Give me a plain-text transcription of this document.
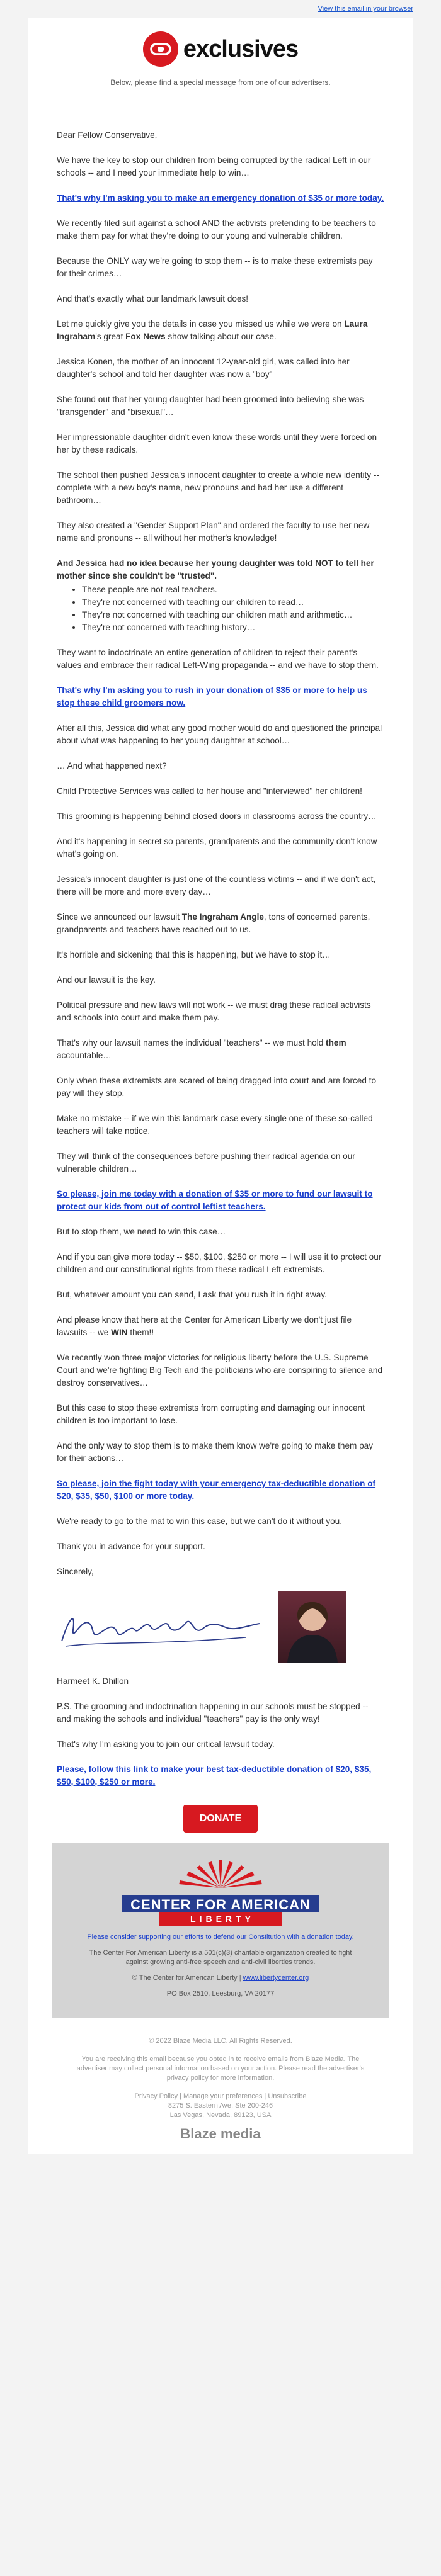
View this email in your browser
exclusives
Below, please find a special message from one of our advertisers.

Dear Fellow Conservative,

We have the key to stop our children from being corrupted by the radical Left in our schools -- and I need your immediate help to win…

That's why I'm asking you to make an emergency donation of $35 or more today.

We recently filed suit against a school AND the activists pretending to be teachers to make them pay for what they're doing to our young and vulnerable children.

Because the ONLY way we're going to stop them -- is to make these extremists pay for their crimes…

And that's exactly what our landmark lawsuit does!

Let me quickly give you the details in case you missed us while we were on Laura Ingraham's great Fox News show talking about our case.

Jessica Konen, the mother of an innocent 12-year-old girl, was called into her daughter's school and told her daughter was now a "boy"

She found out that her young daughter had been groomed into believing she was "transgender" and "bisexual"…

Her impressionable daughter didn't even know these words until they were forced on her by these radicals.

The school then pushed Jessica's innocent daughter to create a whole new identity -- complete with a new boy's name, new pronouns and had her use a different bathroom…

They also created a "Gender Support Plan" and ordered the faculty to use her new name and pronouns -- all without her mother's knowledge!

And Jessica had no idea because her young daughter was told NOT to tell her mother since she couldn't be "trusted".

• These people are not real teachers.
• They're not concerned with teaching our children to read…
• They're not concerned with teaching our children math and arithmetic…
• They're not concerned with teaching history…

They want to indoctrinate an entire generation of children to reject their parent's values and embrace their radical Left-Wing propaganda -- and we have to stop them.

That's why I'm asking you to rush in your donation of $35 or more to help us stop these child groomers now.

After all this, Jessica did what any good mother would do and questioned the principal about what was happening to her young daughter at school…

… And what happened next?

Child Protective Services was called to her house and "interviewed" her children!

This grooming is happening behind closed doors in classrooms across the country…

And it's happening in secret so parents, grandparents and the community don't know what's going on.

Jessica's innocent daughter is just one of the countless victims -- and if we don't act, there will be more and more every day…

Since we announced our lawsuit The Ingraham Angle, tons of concerned parents, grandparents and teachers have reached out to us.

It's horrible and sickening that this is happening, but we have to stop it…

And our lawsuit is the key.

Political pressure and new laws will not work -- we must drag these radical activists and schools into court and make them pay.

That's why our lawsuit names the individual "teachers" -- we must hold them accountable…

Only when these extremists are scared of being dragged into court and are forced to pay will they stop.

Make no mistake -- if we win this landmark case every single one of these so-called teachers will take notice.

They will think of the consequences before pushing their radical agenda on our vulnerable children…

So please, join me today with a donation of $35 or more to fund our lawsuit to protect our kids from out of control leftist teachers.

But to stop them, we need to win this case…

And if you can give more today -- $50, $100, $250 or more -- I will use it to protect our children and our constitutional rights from these radical Left extremists.

But, whatever amount you can send, I ask that you rush it in right away.

And please know that here at the Center for American Liberty we don't just file lawsuits -- we WIN them!!

We recently won three major victories for religious liberty before the U.S. Supreme Court and we're fighting Big Tech and the politicians who are conspiring to silence and destroy conservatives…

But this case to stop these extremists from corrupting and damaging our innocent children is too important to lose.

And the only way to stop them is to make them know we're going to make them pay for their actions…

So please, join the fight today with your emergency tax-deductible donation of $20, $35, $50, $100 or more today.

We're ready to go to the mat to win this case, but we can't do it without you.

Thank you in advance for your support.

Sincerely,

Harmeet K. Dhillon

P.S. The grooming and indoctrination happening in our schools must be stopped -- and making the schools and individual "teachers" pay is the only way!

That's why I'm asking you to join our critical lawsuit today.

Please, follow this link to make your best tax-deductible donation of $20, $35, $50, $100, $250 or more.

DONATE
CENTER FOR AMERICAN
LIBERTY

Please consider supporting our efforts to defend our Constitution with a donation today.

The Center For American Liberty is a 501(c)(3) charitable organization created to fight against growing anti-free speech and anti-civil liberties trends.

© The Center for American Liberty | www.libertycenter.org

PO Box 2510, Leesburg, VA 20177

© 2022 Blaze Media LLC. All Rights Reserved.

You are receiving this email because you opted in to receive emails from Blaze Media. The advertiser may collect personal information based on your action. Please read the advertiser's privacy policy for more information.

Privacy Policy | Manage your preferences | Unsubscribe

8275 S. Eastern Ave, Ste 200-246
Las Vegas, Nevada, 89123, USA

Blaze media
